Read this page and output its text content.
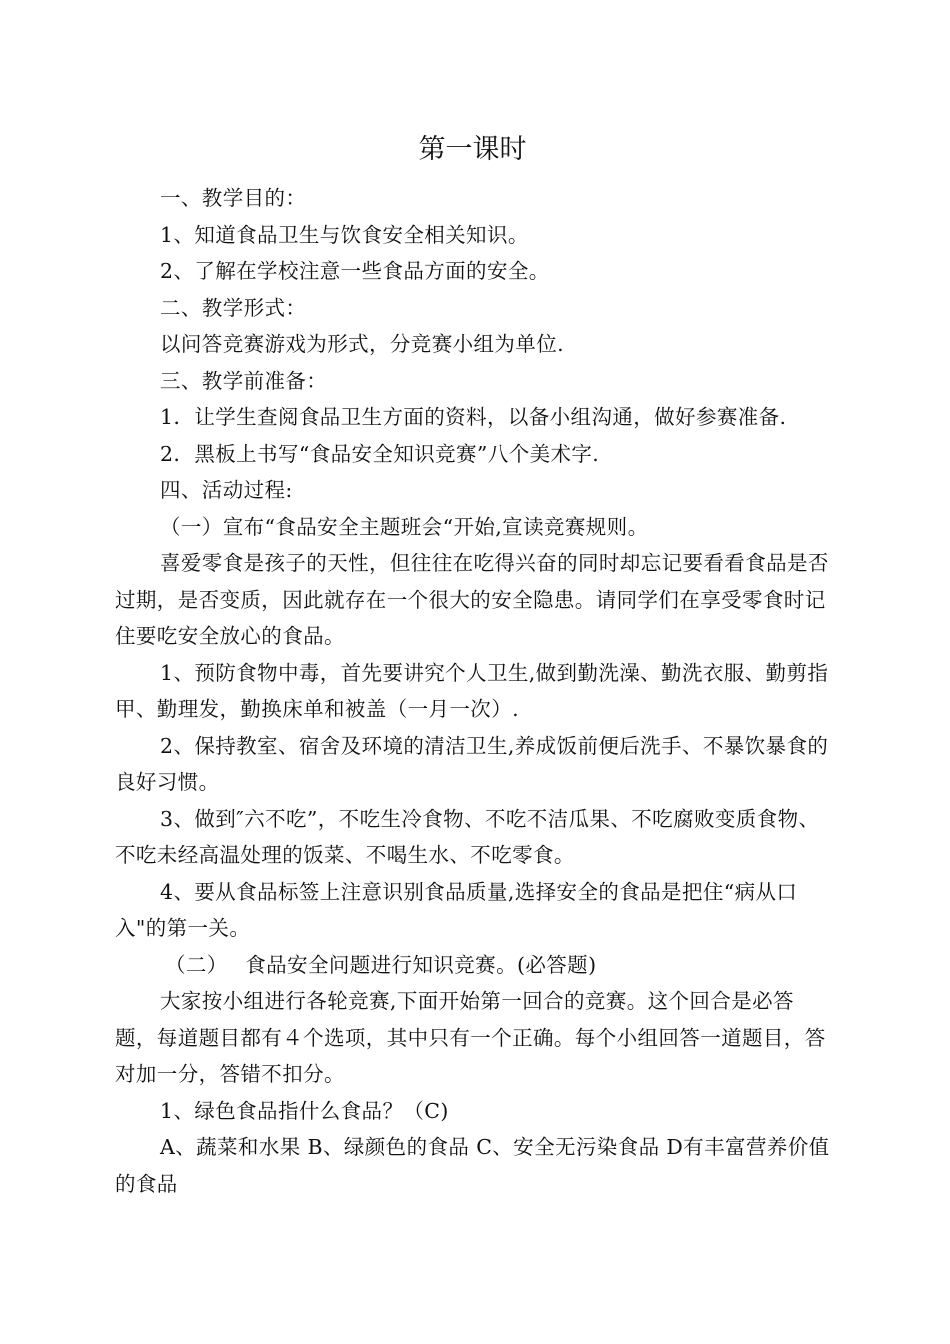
第一课时

一、教学目的：

1、知道食品卫生与饮食安全相关知识。

2、了解在学校注意一些食品方面的安全。

二、教学形式：

以问答竞赛游戏为形式，分竞赛小组为单位.

三、教学前准备：

1．让学生查阅食品卫生方面的资料，以备小组沟通，做好参赛准备.

2．黑板上书写“食品安全知识竞赛”八个美术字.

四、活动过程:

（一）宣布“食品安全主题班会“开始,宣读竞赛规则。

喜爱零食是孩子的天性，但往往在吃得兴奋的同时却忘记要看看食品是否过期，是否变质，因此就存在一个很大的安全隐患。请同学们在享受零食时记住要吃安全放心的食品。

1、预防食物中毒，首先要讲究个人卫生,做到勤洗澡、勤洗衣服、勤剪指甲、勤理发，勤换床单和被盖（一月一次）.

2、保持教室、宿舍及环境的清洁卫生,养成饭前便后洗手、不暴饮暴食的良好习惯。

3、做到″六不吃”，不吃生冷食物、不吃不洁瓜果、不吃腐败变质食物、不吃未经高温处理的饭菜、不喝生水、不吃零食。

4、要从食品标签上注意识别食品质量,选择安全的食品是把住“病从口入"的第一关。

（二）　 食品安全问题进行知识竞赛。(必答题)

大家按小组进行各轮竞赛,下面开始第一回合的竞赛。这个回合是必答题，每道题目都有４个选项，其中只有一个正确。每个小组回答一道题目，答对加一分，答错不扣分。

1、绿色食品指什么食品？（C)

A、蔬菜和水果 B、绿颜色的食品 C、安全无污染食品 D有丰富营养价值的食品
